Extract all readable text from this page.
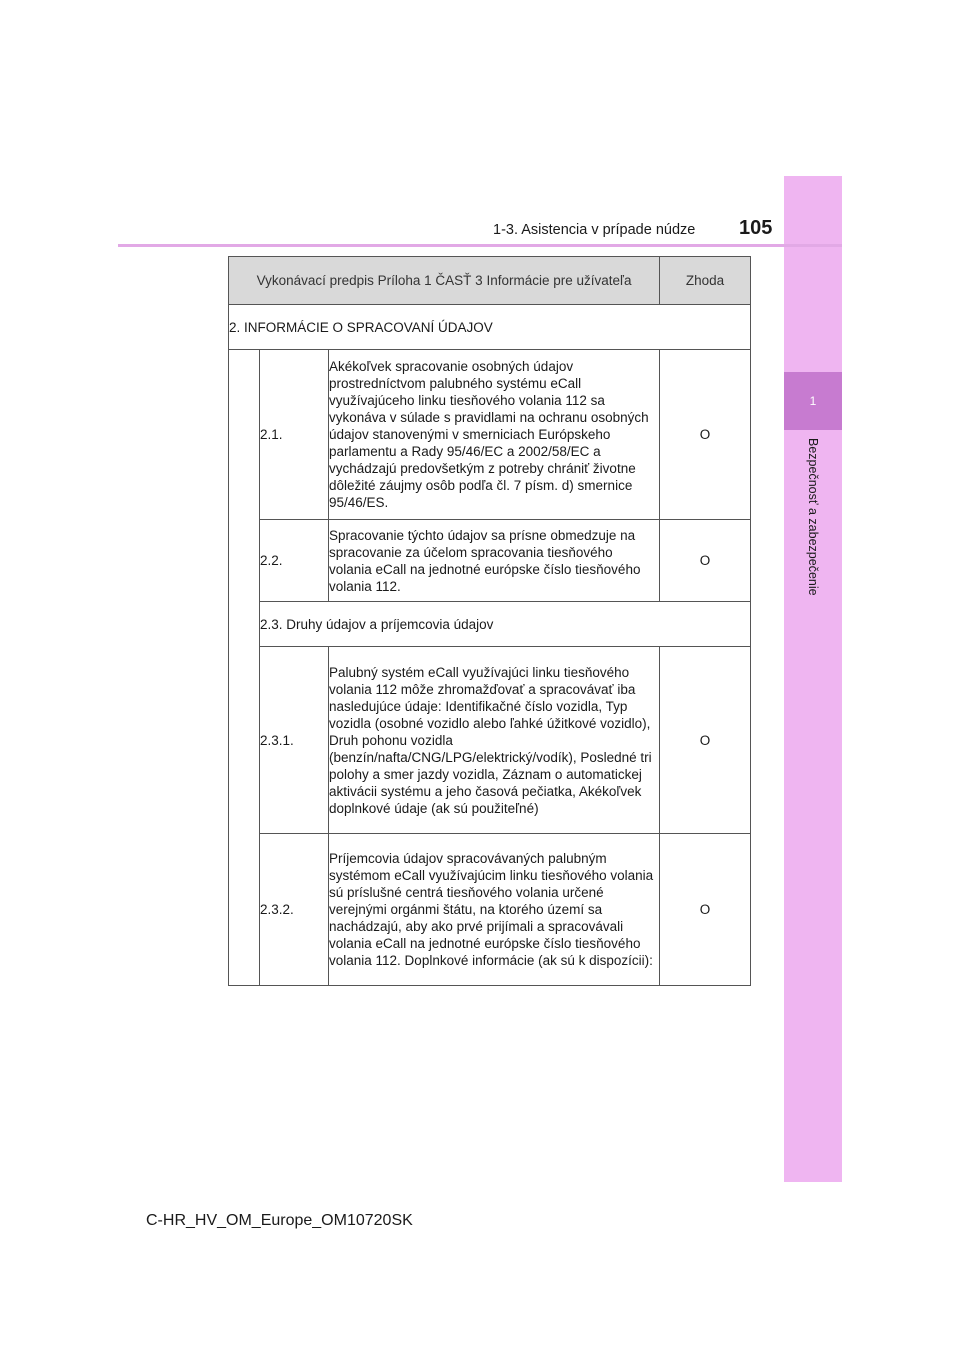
1
Bezpečnosť a zabezpečenie
1-3. Asistencia v prípade núdze 105
Vykonávací predpis Príloha 1 ČASŤ 3 Informácie pre užívateľa			Zhoda
2. INFORMÁCIE O SPRACOVANÍ ÚDAJOV			
	2.1.	Akékoľvek spracovanie osobných údajov prostredníctvom palubného systému eCall využívajúceho linku tiesňového volania 112 sa vykonáva v súlade s pravidlami na ochranu osobných údajov stanovenými v smerniciach Európskeho parlamentu a Rady 95/46/EC a 2002/58/EC a vychádzajú predovšetkým z potreby chrániť životne dôležité záujmy osôb podľa čl. 7 písm. d) smernice 95/46/ES.	O
	2.2.	Spracovanie týchto údajov sa prísne obmedzuje na spracovanie za účelom spracovania tiesňového volania eCall na jednotné európske číslo tiesňového volania 112.	O
	2.3. Druhy údajov a príjemcovia údajov		
	2.3.1.	Palubný systém eCall využívajúci linku tiesňového volania 112 môže zhromažďovať a spracovávať iba nasledujúce údaje: Identifikačné číslo vozidla, Typ vozidla (osobné vozidlo alebo ľahké úžitkové vozidlo), Druh pohonu vozidla (benzín/nafta/CNG/LPG/elektrický/vodík), Posledné tri polohy a smer jazdy vozidla, Záznam o automatickej aktivácii systému a jeho časová pečiatka, Akékoľvek doplnkové údaje (ak sú použiteľné)	O
	2.3.2.	Príjemcovia údajov spracovávaných palubným systémom eCall využívajúcim linku tiesňového volania sú príslušné centrá tiesňového volania určené verejnými orgánmi štátu, na ktorého území sa nachádzajú, aby ako prvé prijímali a spracovávali volania eCall na jednotné európske číslo tiesňového volania 112. Doplnkové informácie (ak sú k dispozícii):	O
C-HR_HV_OM_Europe_OM10720SK
